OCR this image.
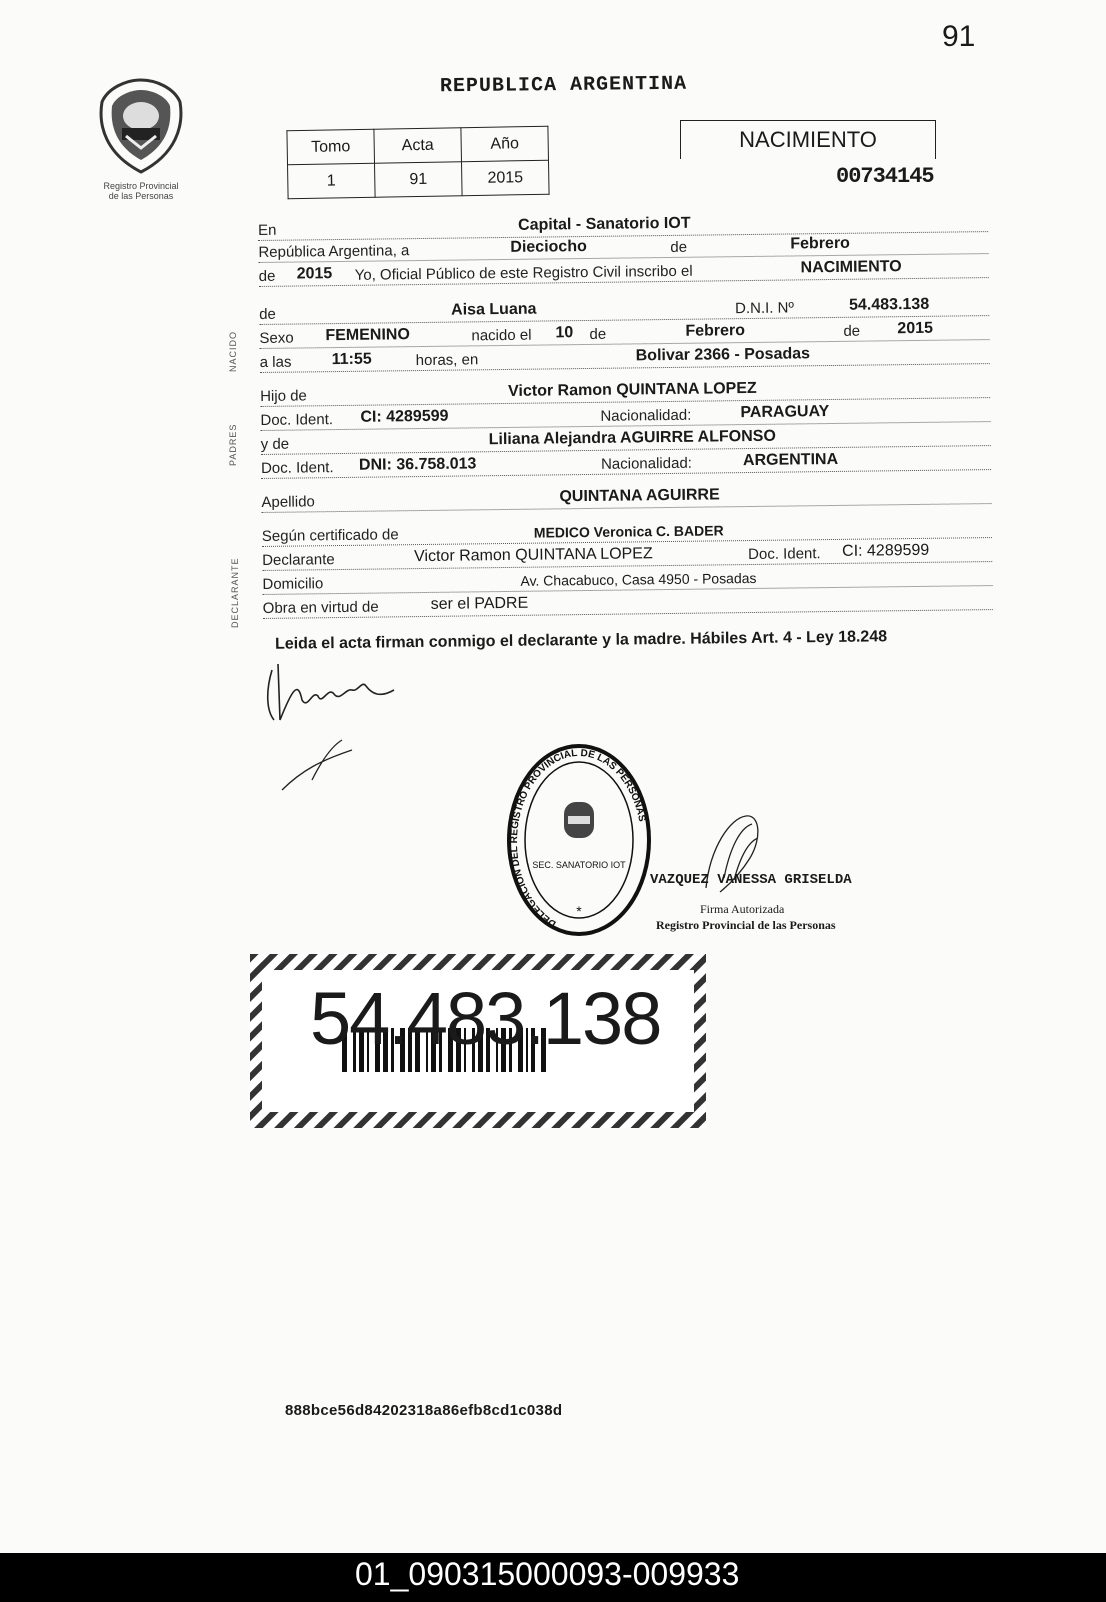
91
Registro Provincial
de las Personas
REPUBLICA ARGENTINA
Tomo	Acta	Año
1	91	2015
NACIMIENTO
00734145
NACIDO
PADRES
DECLARANTE
En	Capital - Sanatorio IOT
República Argentina, a	Dieciocho	de	Febrero
de 2015 Yo, Oficial Público de este Registro Civil inscribo el	NACIMIENTO
de	Aisa Luana	D.N.I. Nº	54.483.138
Sexo FEMENINO	nacido el 10 de	Febrero	de 2015
a las	11:55	horas, en	Bolivar 2366 - Posadas
Hijo de	Victor Ramon QUINTANA LOPEZ
Doc. Ident. CI: 4289599	Nacionalidad:	PARAGUAY
y de	Liliana Alejandra AGUIRRE ALFONSO
Doc. Ident. DNI: 36.758.013	Nacionalidad:	ARGENTINA
Apellido	QUINTANA AGUIRRE
Según certificado de	MEDICO Veronica C. BADER
Declarante	Victor Ramon QUINTANA LOPEZ	Doc. Ident. CI: 4289599
Domicilio	Av. Chacabuco, Casa 4950 - Posadas
Obra en virtud de	ser el PADRE
Leida el acta firman conmigo el declarante y la madre. Hábiles Art. 4 - Ley 18.248
DELEGACION DEL REGISTRO PROVINCIAL DE LAS PERSONAS
SEC. SANATORIO IOT
*
VAZQUEZ VANESSA GRISELDA
Firma Autorizada
Registro Provincial de las Personas
54.483.138
888bce56d84202318a86efb8cd1c038d
01_090315000093-009933
